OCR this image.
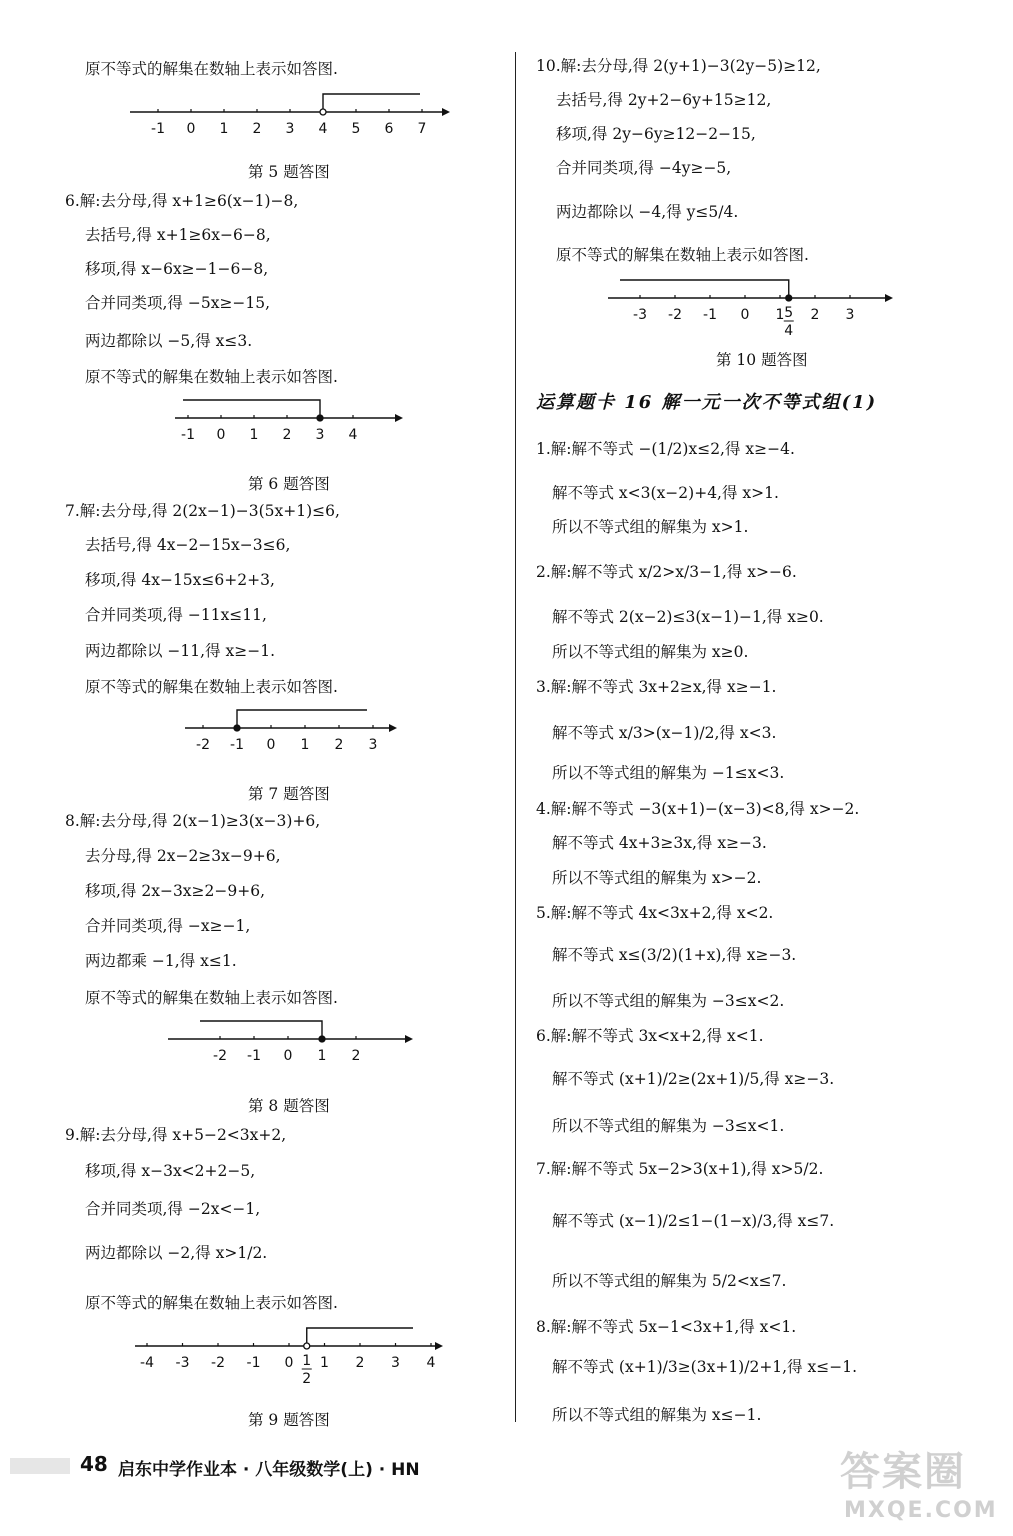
原不等式的解集在数轴上表示如答图.
-1 0 1 2 3 4 5 6 7
第 5 题答图
6.解:去分母,得 x+1≥6(x−1)−8,
去括号,得 x+1≥6x−6−8,
移项,得 x−6x≥−1−6−8,
合并同类项,得 −5x≥−15,
两边都除以 −5,得 x≤3.
原不等式的解集在数轴上表示如答图.
-1 0 1 2 3 4
第 6 题答图
7.解:去分母,得 2(2x−1)−3(5x+1)≤6,
去括号,得 4x−2−15x−3≤6,
移项,得 4x−15x≤6+2+3,
合并同类项,得 −11x≤11,
两边都除以 −11,得 x≥−1.
原不等式的解集在数轴上表示如答图.
-2 -1 0 1 2 3
第 7 题答图
8.解:去分母,得 2(x−1)≥3(x−3)+6,
去分母,得 2x−2≥3x−9+6,
移项,得 2x−3x≥2−9+6,
合并同类项,得 −x≥−1,
两边都乘 −1,得 x≤1.
原不等式的解集在数轴上表示如答图.
-2 -1 0 1 2
第 8 题答图
9.解:去分母,得 x+5−2<3x+2,
移项,得 x−3x<2+2−5,
合并同类项,得 −2x<−1,
两边都除以 −2,得 x>1/2.
原不等式的解集在数轴上表示如答图.
-4 -3 -2 -1 0 1
2
1 2 3 4
第 9 题答图
10.解:去分母,得 2(y+1)−3(2y−5)≥12,
去括号,得 2y+2−6y+15≥12,
移项,得 2y−6y≥12−2−15,
合并同类项,得 −4y≥−5,
两边都除以 −4,得 y≤5/4.
原不等式的解集在数轴上表示如答图.
-3 -2 -1 0 1 5
4
2 3
第 10 题答图
运算题卡 16 解一元一次不等式组(1)
1.解:解不等式 −(1/2)x≤2,得 x≥−4.
解不等式 x<3(x−2)+4,得 x>1.
所以不等式组的解集为 x>1.
2.解:解不等式 x/2>x/3−1,得 x>−6.
解不等式 2(x−2)≤3(x−1)−1,得 x≥0.
所以不等式组的解集为 x≥0.
3.解:解不等式 3x+2≥x,得 x≥−1.
解不等式 x/3>(x−1)/2,得 x<3.
所以不等式组的解集为 −1≤x<3.
4.解:解不等式 −3(x+1)−(x−3)<8,得 x>−2.
解不等式 4x+3≥3x,得 x≥−3.
所以不等式组的解集为 x>−2.
5.解:解不等式 4x<3x+2,得 x<2.
解不等式 x≤(3/2)(1+x),得 x≥−3.
所以不等式组的解集为 −3≤x<2.
6.解:解不等式 3x<x+2,得 x<1.
解不等式 (x+1)/2≥(2x+1)/5,得 x≥−3.
所以不等式组的解集为 −3≤x<1.
7.解:解不等式 5x−2>3(x+1),得 x>5/2.
解不等式 (x−1)/2≤1−(1−x)/3,得 x≤7.
所以不等式组的解集为 5/2<x≤7.
8.解:解不等式 5x−1<3x+1,得 x<1.
解不等式 (x+1)/3≥(3x+1)/2+1,得 x≤−1.
所以不等式组的解集为 x≤−1.
48 启东中学作业本 · 八年级数学(上) · HN	答案圈
MXQE.COM
